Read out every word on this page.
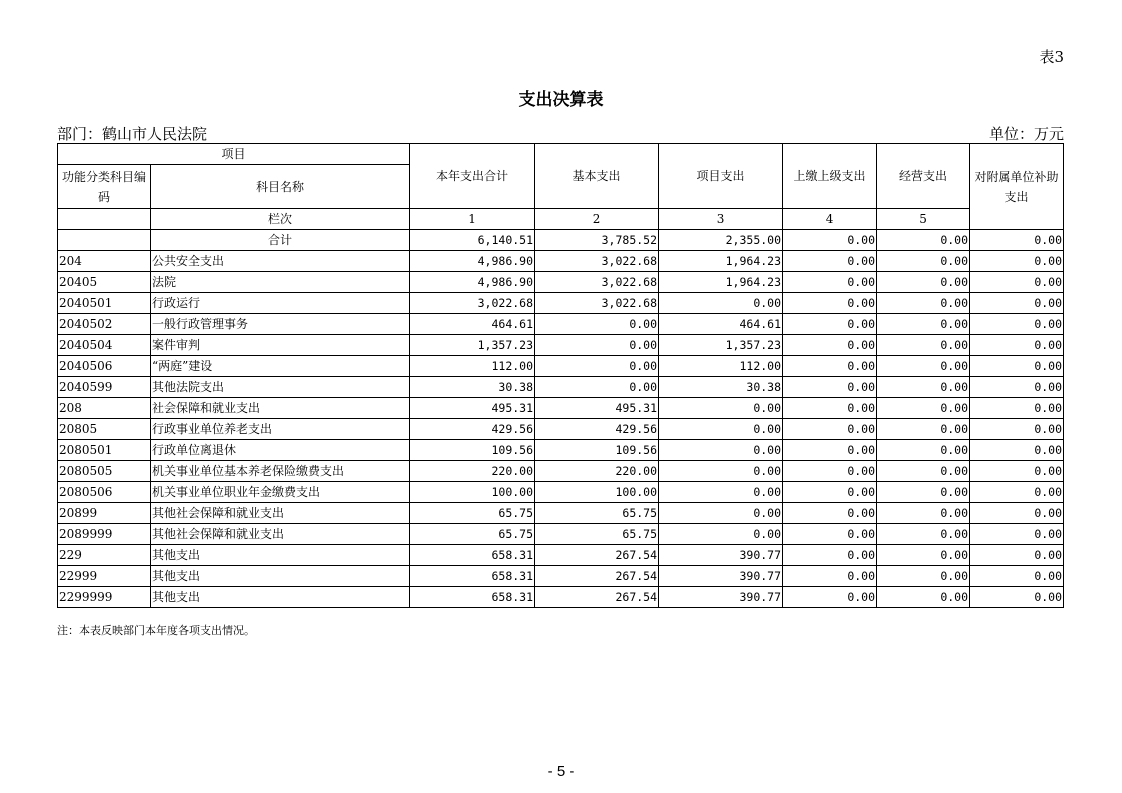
表3
支出决算表
部门：鹤山市人民法院	单位：万元
项目		本年支出合计	基本支出	项目支出	上缴上级支出	经营支出	对附属单位补助支出
功能分类科目编码	科目名称						
	栏次	1	2	3	4	5	
	合计	6,140.51	3,785.52	2,355.00	0.00	0.00	0.00
204	公共安全支出	4,986.90	3,022.68	1,964.23	0.00	0.00	0.00
20405	法院	4,986.90	3,022.68	1,964.23	0.00	0.00	0.00
2040501	行政运行	3,022.68	3,022.68	0.00	0.00	0.00	0.00
2040502	一般行政管理事务	464.61	0.00	464.61	0.00	0.00	0.00
2040504	案件审判	1,357.23	0.00	1,357.23	0.00	0.00	0.00
2040506	“两庭”建设	112.00	0.00	112.00	0.00	0.00	0.00
2040599	其他法院支出	30.38	0.00	30.38	0.00	0.00	0.00
208	社会保障和就业支出	495.31	495.31	0.00	0.00	0.00	0.00
20805	行政事业单位养老支出	429.56	429.56	0.00	0.00	0.00	0.00
2080501	行政单位离退休	109.56	109.56	0.00	0.00	0.00	0.00
2080505	机关事业单位基本养老保险缴费支出	220.00	220.00	0.00	0.00	0.00	0.00
2080506	机关事业单位职业年金缴费支出	100.00	100.00	0.00	0.00	0.00	0.00
20899	其他社会保障和就业支出	65.75	65.75	0.00	0.00	0.00	0.00
2089999	其他社会保障和就业支出	65.75	65.75	0.00	0.00	0.00	0.00
229	其他支出	658.31	267.54	390.77	0.00	0.00	0.00
22999	其他支出	658.31	267.54	390.77	0.00	0.00	0.00
2299999	其他支出	658.31	267.54	390.77	0.00	0.00	0.00
注：本表反映部门本年度各项支出情况。
- 5 -
